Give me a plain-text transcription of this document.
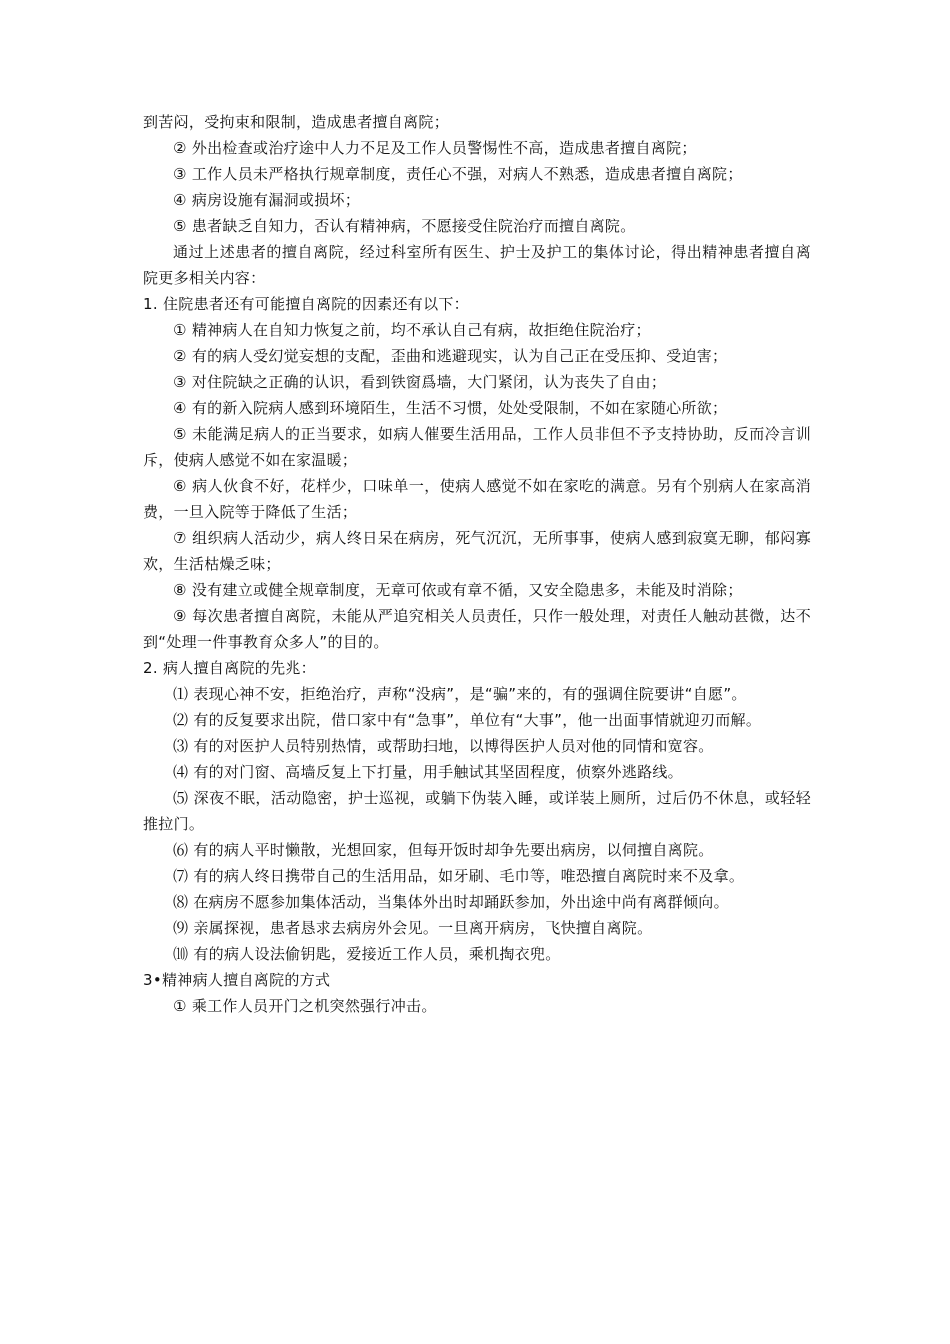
到苦闷，受拘束和限制，造成患者擅自离院；

② 外出检查或治疗途中人力不足及工作人员警惕性不高，造成患者擅自离院；

③ 工作人员未严格执行规章制度，责任心不强，对病人不熟悉，造成患者擅自离院；

④ 病房设施有漏洞或损坏；

⑤ 患者缺乏自知力，否认有精神病，不愿接受住院治疗而擅自离院。

通过上述患者的擅自离院，经过科室所有医生、护士及护工的集体讨论，得出精神患者擅自离院更多相关内容：

1. 住院患者还有可能擅自离院的因素还有以下：

① 精神病人在自知力恢复之前，均不承认自己有病，故拒绝住院治疗；

② 有的病人受幻觉妄想的支配，歪曲和逃避现实，认为自己正在受压抑、受迫害；

③ 对住院缺之正确的认识，看到铁窗爲墙，大门紧闭，认为丧失了自由；

④ 有的新入院病人感到环境陌生，生活不习惯，处处受限制，不如在家随心所欲；

⑤ 未能满足病人的正当要求，如病人催要生活用品，工作人员非但不予支持协助，反而冷言训斥，使病人感觉不如在家温暖；

⑥ 病人伙食不好，花样少，口味单一，使病人感觉不如在家吃的满意。另有个别病人在家高消费，一旦入院等于降低了生活；

⑦ 组织病人活动少，病人终日呆在病房，死气沉沉，无所事事，使病人感到寂寞无聊，郁闷寡欢，生活枯燥乏味；

⑧ 没有建立或健全规章制度，无章可依或有章不循，又安全隐患多，未能及时消除；

⑨ 每次患者擅自离院，未能从严追究相关人员责任，只作一般处理，对责任人触动甚微，达不到“处理一件事教育众多人”的目的。

2. 病人擅自离院的先兆：

⑴ 表现心神不安，拒绝治疗，声称“没病”，是“骗”来的，有的强调住院要讲“自愿”。

⑵ 有的反复要求出院，借口家中有“急事”，单位有“大事”，他一出面事情就迎刃而解。

⑶ 有的对医护人员特别热情，或帮助扫地，以博得医护人员对他的同情和宽容。

⑷ 有的对门窗、高墙反复上下打量，用手触试其坚固程度，侦察外逃路线。

⑸ 深夜不眠，活动隐密，护士巡视，或躺下伪装入睡，或详装上厕所，过后仍不休息，或轻轻推拉门。

⑹ 有的病人平时懒散，光想回家，但每开饭时却争先要出病房，以伺擅自离院。

⑺ 有的病人终日携带自己的生活用品，如牙刷、毛巾等，唯恐擅自离院时来不及拿。

⑻ 在病房不愿参加集体活动，当集体外出时却踊跃参加，外出途中尚有离群倾向。

⑼ 亲属探视，患者恳求去病房外会见。一旦离开病房，飞快擅自离院。

⑽ 有的病人设法偷钥匙，爱接近工作人员，乘机掏衣兜。

3•精神病人擅自离院的方式

① 乘工作人员开门之机突然强行冲击。
